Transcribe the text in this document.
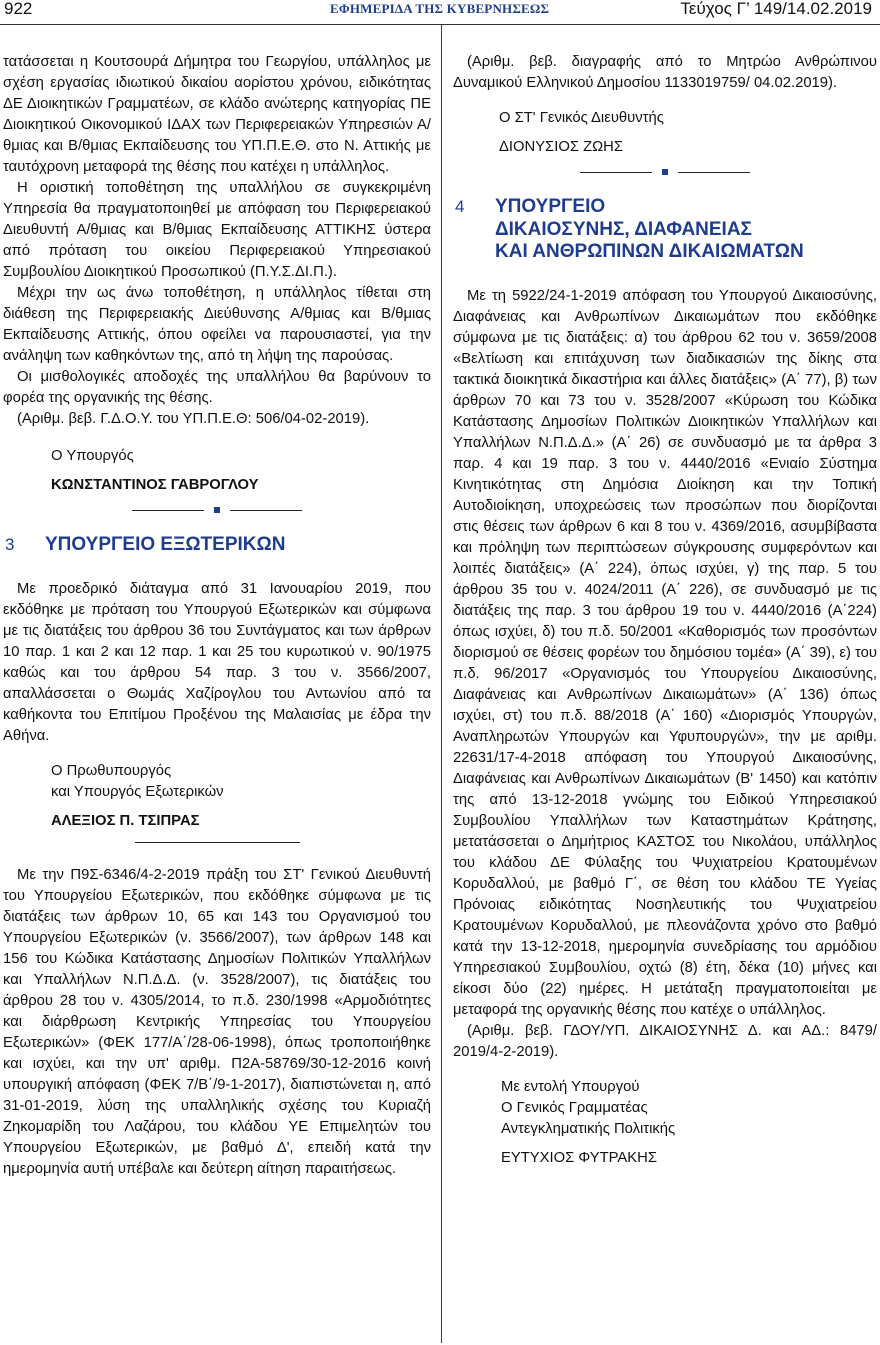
922	ΕΦΗΜΕΡΙΔΑ ΤΗΣ ΚΥΒΕΡΝΗΣΕΩΣ	Τεύχος Γ’ 149/14.02.2019

τατάσσεται η Κουτσουρά Δήμητρα του Γεωργίου, υπάλληλος με σχέση εργασίας ιδιωτικού δικαίου αορίστου χρόνου, ειδικότητας ΔΕ Διοικητικών Γραμματέων, σε κλάδο ανώτερης κατηγορίας ΠΕ Διοικητικού Οικονομικού ΙΔΑΧ των Περιφερειακών Υπηρεσιών Α/θμιας και Β/θμιας Εκπαίδευσης του ΥΠ.Π.Ε.Θ. στο Ν. Αττικής με ταυτόχρονη μεταφορά της θέσης που κατέχει η υπάλληλος.

Η οριστική τοποθέτηση της υπαλλήλου σε συγκεκριμένη Υπηρεσία θα πραγματοποιηθεί με απόφαση του Περιφερειακού Διευθυντή Α/θμιας και Β/θμιας Εκπαίδευσης ΑΤΤΙΚΗΣ ύστερα από πρόταση του οικείου Περιφερειακού Υπηρεσιακού Συμβουλίου Διοικητικού Προσωπικού (Π.Υ.Σ.ΔΙ.Π.).

Μέχρι την ως άνω τοποθέτηση, η υπάλληλος τίθεται στη διάθεση της Περιφερειακής Διεύθυνσης Α/θμιας και Β/θμιας Εκπαίδευσης Αττικής, όπου οφείλει να παρουσιαστεί, για την ανάληψη των καθηκόντων της, από τη λήψη της παρούσας.

Οι μισθολογικές αποδοχές της υπαλλήλου θα βαρύνουν το φορέα της οργανικής της θέσης.

(Αριθμ. βεβ. Γ.Δ.Ο.Υ. του ΥΠ.Π.Ε.Θ: 506/04-02-2019).

Ο Υπουργός

ΚΩΝΣΤΑΝΤΙΝΟΣ ΓΑΒΡΟΓΛΟΥ

3	ΥΠΟΥΡΓΕΙΟ ΕΞΩΤΕΡΙΚΩΝ

Με προεδρικό διάταγμα από 31 Ιανουαρίου 2019, που εκδόθηκε με πρόταση του Υπουργού Εξωτερικών και σύμφωνα με τις διατάξεις του άρθρου 36 του Συντάγματος και των άρθρων 10 παρ. 1 και 2 και 12 παρ. 1 και 25 του κυρωτικού ν. 90/1975 καθώς και του άρθρου 54 παρ. 3 του ν. 3566/2007, απαλλάσσεται ο Θωμάς Χαζίρογλου του Αντωνίου από τα καθήκοντα του Επιτίμου Προξένου της Μαλαισίας με έδρα την Αθήνα.

Ο Πρωθυπουργός

και Υπουργός Εξωτερικών

ΑΛΕΞΙΟΣ Π. ΤΣΙΠΡΑΣ

Με την Π9Σ-6346/4-2-2019 πράξη του ΣΤ' Γενικού Διευθυντή του Υπουργείου Εξωτερικών, που εκδόθηκε σύμφωνα με τις διατάξεις των άρθρων 10, 65 και 143 του Οργανισμού του Υπουργείου Εξωτερικών (ν. 3566/2007), των άρθρων 148 και 156 του Κώδικα Κατάστασης Δημοσίων Πολιτικών Υπαλλήλων και Υπαλλήλων Ν.Π.Δ.Δ. (ν. 3528/2007), τις διατάξεις του άρθρου 28 του ν. 4305/2014, το π.δ. 230/1998 «Αρμοδιότητες και διάρθρωση Κεντρικής Υπηρεσίας του Υπουργείου Εξωτερικών» (ΦΕΚ 177/Α΄/28-06-1998), όπως τροποποιήθηκε και ισχύει, και την υπ' αριθμ. Π2Α-58769/30-12-2016 κοινή υπουργική απόφαση (ΦΕΚ 7/Β΄/9-1-2017), διαπιστώνεται η, από 31-01-2019, λύση της υπαλληλικής σχέσης του Κυριαζή Ζηκομαρίδη του Λαζάρου, του κλάδου ΥΕ Επιμελητών του Υπουργείου Εξωτερικών, με βαθμό Δ', επειδή κατά την ημερομηνία αυτή υπέβαλε και δεύτερη αίτηση παραιτήσεως.

(Αριθμ. βεβ. διαγραφής από το Μητρώο Ανθρώπινου Δυναμικού Ελληνικού Δημοσίου 1133019759/ 04.02.2019).

Ο ΣΤ' Γενικός Διευθυντής

ΔΙΟΝΥΣΙΟΣ ΖΩΗΣ

4	ΥΠΟΥΡΓΕΙΟ
ΔΙΚΑΙΟΣΥΝΗΣ, ΔΙΑΦΑΝΕΙΑΣ
ΚΑΙ ΑΝΘΡΩΠΙΝΩΝ ΔΙΚΑΙΩΜΑΤΩΝ

Με τη 5922/24-1-2019 απόφαση του Υπουργού Δικαιοσύνης, Διαφάνειας και Ανθρωπίνων Δικαιωμάτων που εκδόθηκε σύμφωνα με τις διατάξεις: α) του άρθρου 62 του ν. 3659/2008 «Βελτίωση και επιτάχυνση των διαδικασιών της δίκης στα τακτικά διοικητικά δικαστήρια και άλλες διατάξεις» (Α΄ 77), β) των άρθρων 70 και 73 του ν. 3528/2007 «Κύρωση του Κώδικα Κατάστασης Δημοσίων Πολιτικών Διοικητικών Υπαλλήλων και Υπαλλήλων Ν.Π.Δ.Δ.» (Α΄ 26) σε συνδυασμό με τα άρθρα 3 παρ. 4 και 19 παρ. 3 του ν. 4440/2016 «Ενιαίο Σύστημα Κινητικότητας στη Δημόσια Διοίκηση και την Τοπική Αυτοδιοίκηση, υποχρεώσεις των προσώπων που διορίζονται στις θέσεις των άρθρων 6 και 8 του ν. 4369/2016, ασυμβίβαστα και πρόληψη των περιπτώσεων σύγκρουσης συμφερόντων και λοιπές διατάξεις» (Α΄ 224), όπως ισχύει, γ) της παρ. 5 του άρθρου 35 του ν. 4024/2011 (Α΄ 226), σε συνδυασμό με τις διατάξεις της παρ. 3 του άρθρου 19 του ν. 4440/2016 (Α΄224) όπως ισχύει, δ) του π.δ. 50/2001 «Καθορισμός των προσόντων διορισμού σε θέσεις φορέων του δημόσιου τομέα» (Α΄ 39), ε) του π.δ. 96/2017 «Οργανισμός του Υπουργείου Δικαιοσύνης, Διαφάνειας και Ανθρωπίνων Δικαιωμάτων» (Α΄ 136) όπως ισχύει, στ) του π.δ. 88/2018 (Α΄ 160) «Διορισμός Υπουργών, Αναπληρωτών Υπουργών και Υφυπουργών», την με αριθμ. 22631/17-4-2018 απόφαση του Υπουργού Δικαιοσύνης, Διαφάνειας και Ανθρωπίνων Δικαιωμάτων (Β' 1450) και κατόπιν της από 13-12-2018 γνώμης του Ειδικού Υπηρεσιακού Συμβουλίου Υπαλλήλων των Καταστημάτων Κράτησης, μετατάσσεται ο Δημήτριος ΚΑΣΤΟΣ του Νικολάου, υπάλληλος του κλάδου ΔΕ Φύλαξης του Ψυχιατρείου Κρατουμένων Κορυδαλλού, με βαθμό Γ΄, σε θέση του κλάδου ΤΕ Υγείας Πρόνοιας ειδικότητας Νοσηλευτικής του Ψυχιατρείου Κρατουμένων Κορυδαλλού, με πλεονάζοντα χρόνο στο βαθμό κατά την 13-12-2018, ημερομηνία συνεδρίασης του αρμόδιου Υπηρεσιακού Συμβουλίου, οχτώ (8) έτη, δέκα (10) μήνες και είκοσι δύο (22) ημέρες. Η μετάταξη πραγματοποιείται με μεταφορά της οργανικής θέσης που κατέχε ο υπάλληλος.

(Αριθμ. βεβ. ΓΔΟΥ/ΥΠ. ΔΙΚΑΙΟΣΥΝΗΣ Δ. και ΑΔ.: 8479/ 2019/4-2-2019).

Με εντολή Υπουργού

Ο Γενικός Γραμματέας

Αντεγκληματικής Πολιτικής

ΕΥΤΥΧΙΟΣ ΦΥΤΡΑΚΗΣ
